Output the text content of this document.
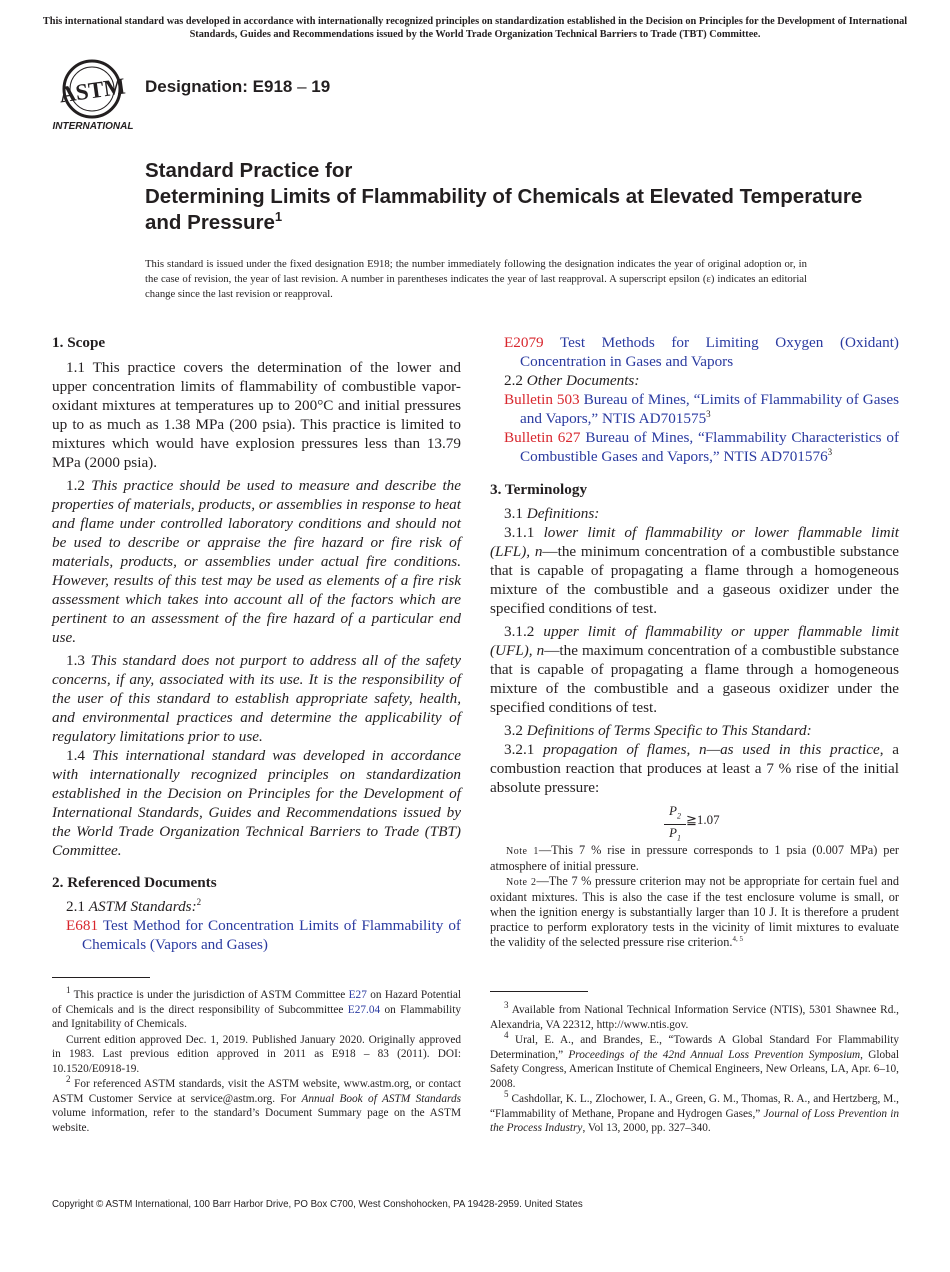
This international standard was developed in accordance with internationally recognized principles on standardization established in the Decision on Principles for the Development of International Standards, Guides and Recommendations issued by the World Trade Organization Technical Barriers to Trade (TBT) Committee.
ASTM
INTERNATIONAL
Designation: E918 – 19
Standard Practice for
Determining Limits of Flammability of Chemicals at Elevated Temperature and Pressure$^1$
This standard is issued under the fixed designation E918; the number immediately following the designation indicates the year of original adoption or, in the case of revision, the year of last revision. A number in parentheses indicates the year of last reapproval. A superscript epsilon (ε) indicates an editorial change since the last revision or reapproval.

1. Scope

1.1 This practice covers the determination of the lower and upper concentration limits of flammability of combustible vapor-oxidant mixtures at temperatures up to 200°C and initial pressures up to as much as 1.38 MPa (200 psia). This practice is limited to mixtures which would have explosion pressures less than 13.79 MPa (2000 psia).

1.2 This practice should be used to measure and describe the properties of materials, products, or assemblies in response to heat and flame under controlled laboratory conditions and should not be used to describe or appraise the fire hazard or fire risk of materials, products, or assemblies under actual fire conditions. However, results of this test may be used as elements of a fire risk assessment which takes into account all of the factors which are pertinent to an assessment of the fire hazard of a particular end use.

1.3 This standard does not purport to address all of the safety concerns, if any, associated with its use. It is the responsibility of the user of this standard to establish appropriate safety, health, and environmental practices and determine the applicability of regulatory limitations prior to use.

1.4 This international standard was developed in accordance with internationally recognized principles on standardization established in the Decision on Principles for the Development of International Standards, Guides and Recommendations issued by the World Trade Organization Technical Barriers to Trade (TBT) Committee.

2. Referenced Documents

2.1 ASTM Standards:$^2$

E681 Test Method for Concentration Limits of Flammability of Chemicals (Vapors and Gases)

$^1$ This practice is under the jurisdiction of ASTM Committee E27 on Hazard Potential of Chemicals and is the direct responsibility of Subcommittee E27.04 on Flammability and Ignitability of Chemicals.

Current edition approved Dec. 1, 2019. Published January 2020. Originally approved in 1983. Last previous edition approved in 2011 as E918 – 83 (2011). DOI: 10.1520/E0918-19.

$^2$ For referenced ASTM standards, visit the ASTM website, www.astm.org, or contact ASTM Customer Service at service@astm.org. For Annual Book of ASTM Standards volume information, refer to the standard’s Document Summary page on the ASTM website.

E2079 Test Methods for Limiting Oxygen (Oxidant) Concentration in Gases and Vapors

2.2 Other Documents:

Bulletin 503 Bureau of Mines, “Limits of Flammability of Gases and Vapors,” NTIS AD701575$^3$

Bulletin 627 Bureau of Mines, “Flammability Characteristics of Combustible Gases and Vapors,” NTIS AD701576$^3$

3. Terminology

3.1 Definitions:

3.1.1 lower limit of flammability or lower flammable limit (LFL), n—the minimum concentration of a combustible substance that is capable of propagating a flame through a homogeneous mixture of the combustible and a gaseous oxidizer under the specified conditions of test.

3.1.2 upper limit of flammability or upper flammable limit (UFL), n—the maximum concentration of a combustible substance that is capable of propagating a flame through a homogeneous mixture of the combustible and a gaseous oxidizer under the specified conditions of test.

3.2 Definitions of Terms Specific to This Standard:

3.2.1 propagation of flames, n—as used in this practice, a combustion reaction that produces at least a 7 % rise of the initial absolute pressure:

$P_2$
$P_1$
≧1.07

Note 1—This 7 % rise in pressure corresponds to 1 psia (0.007 MPa) per atmosphere of initial pressure.

Note 2—The 7 % pressure criterion may not be appropriate for certain fuel and oxidant mixtures. This is also the case if the test enclosure volume is small, or when the ignition energy is substantially larger than 10 J. It is therefore a prudent practice to perform exploratory tests in the vicinity of limit mixtures to evaluate the validity of the selected pressure rise criterion.$^{4, 5}$

$^3$ Available from National Technical Information Service (NTIS), 5301 Shawnee Rd., Alexandria, VA 22312, http://www.ntis.gov.

$^4$ Ural, E. A., and Brandes, E., “Towards A Global Standard For Flammability Determination,” Proceedings of the 42nd Annual Loss Prevention Symposium, Global Safety Congress, American Institute of Chemical Engineers, New Orleans, LA, Apr. 6–10, 2008.

$^5$ Cashdollar, K. L., Zlochower, I. A., Green, G. M., Thomas, R. A., and Hertzberg, M., “Flammability of Methane, Propane and Hydrogen Gases,” Journal of Loss Prevention in the Process Industry, Vol 13, 2000, pp. 327–340.

Copyright © ASTM International, 100 Barr Harbor Drive, PO Box C700, West Conshohocken, PA 19428-2959. United States
